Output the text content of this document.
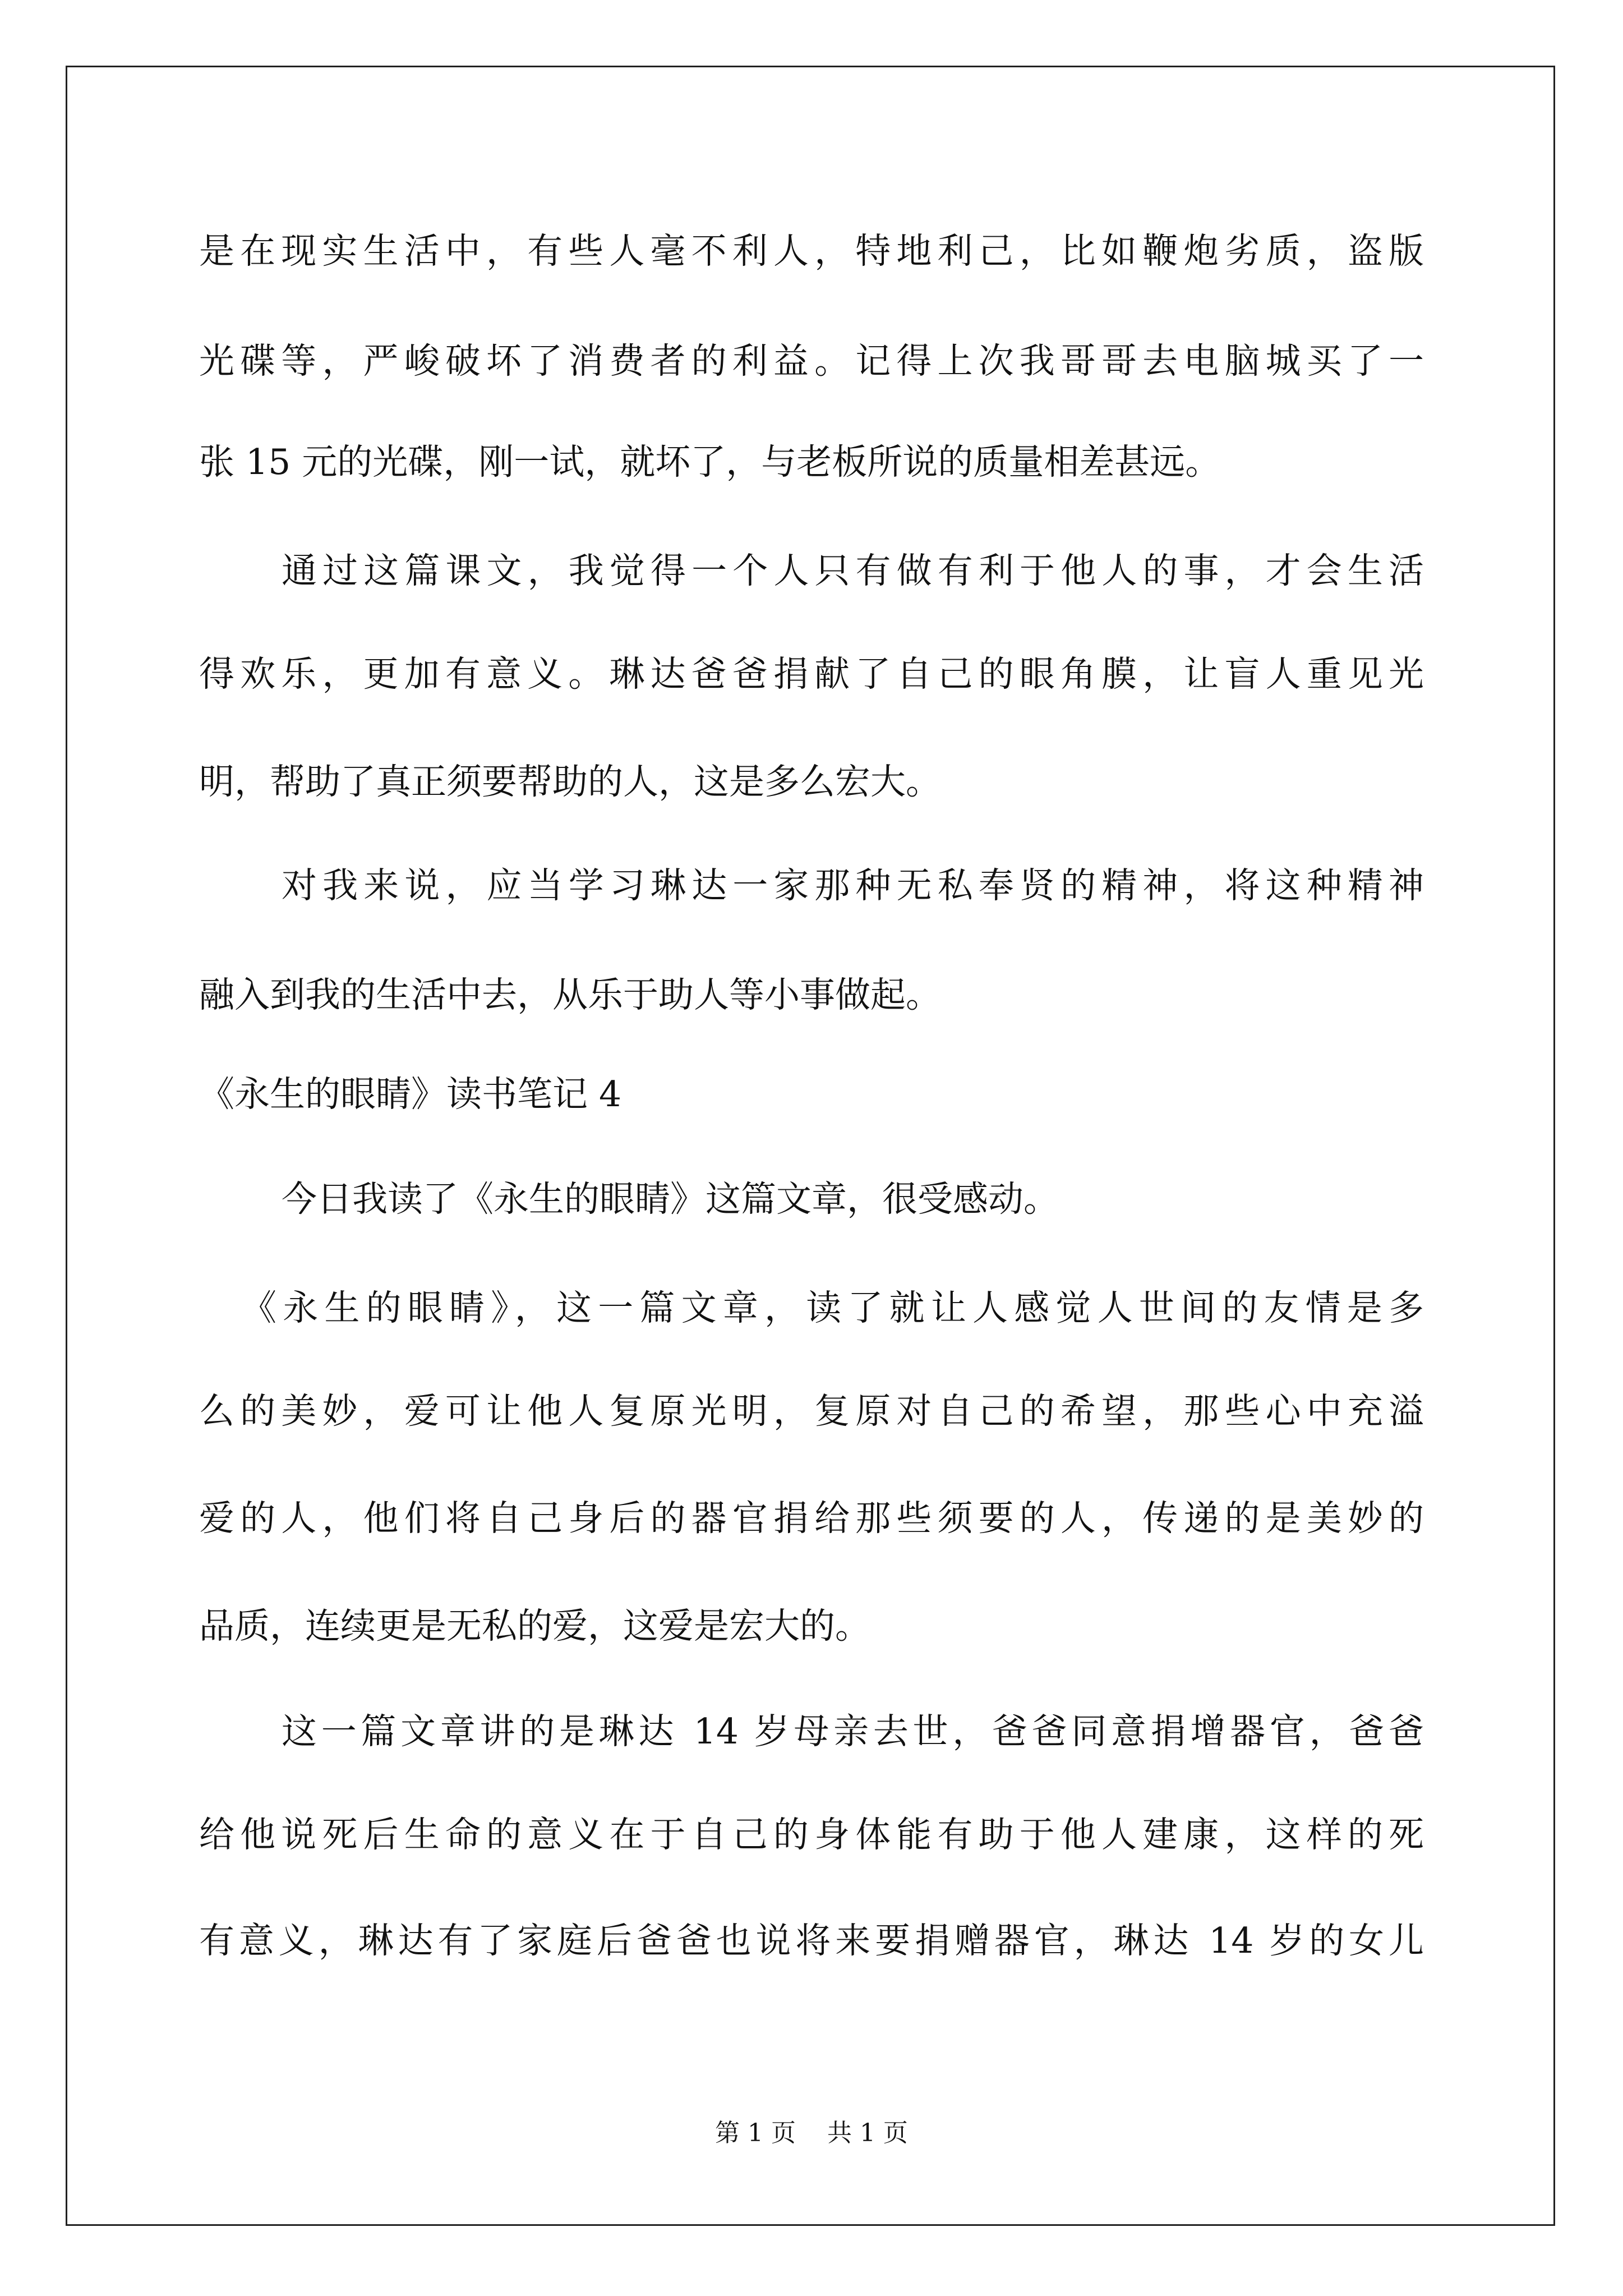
是在现实生活中，有些人毫不利人，特地利己，比如鞭炮劣质，盗版
光碟等，严峻破坏了消费者的利益。记得上次我哥哥去电脑城买了一
张 15 元的光碟，刚一试，就坏了，与老板所说的质量相差甚远。
通过这篇课文，我觉得一个人只有做有利于他人的事，才会生活
得欢乐，更加有意义。琳达爸爸捐献了自己的眼角膜，让盲人重见光
明，帮助了真正须要帮助的人，这是多么宏大。
对我来说，应当学习琳达一家那种无私奉贤的精神，将这种精神
融入到我的生活中去，从乐于助人等小事做起。
《永生的眼睛》读书笔记 4
今日我读了《永生的眼睛》这篇文章，很受感动。
《永生的眼睛》，这一篇文章，读了就让人感觉人世间的友情是多
么的美妙，爱可让他人复原光明，复原对自己的希望，那些心中充溢
爱的人，他们将自己身后的器官捐给那些须要的人，传递的是美妙的
品质，连续更是无私的爱，这爱是宏大的。
这一篇文章讲的是琳达 14 岁母亲去世，爸爸同意捐增器官，爸爸
给他说死后生命的意义在于自己的身体能有助于他人建康，这样的死
有意义，琳达有了家庭后爸爸也说将来要捐赠器官，琳达 14 岁的女儿
第 1 页    共 1 页
